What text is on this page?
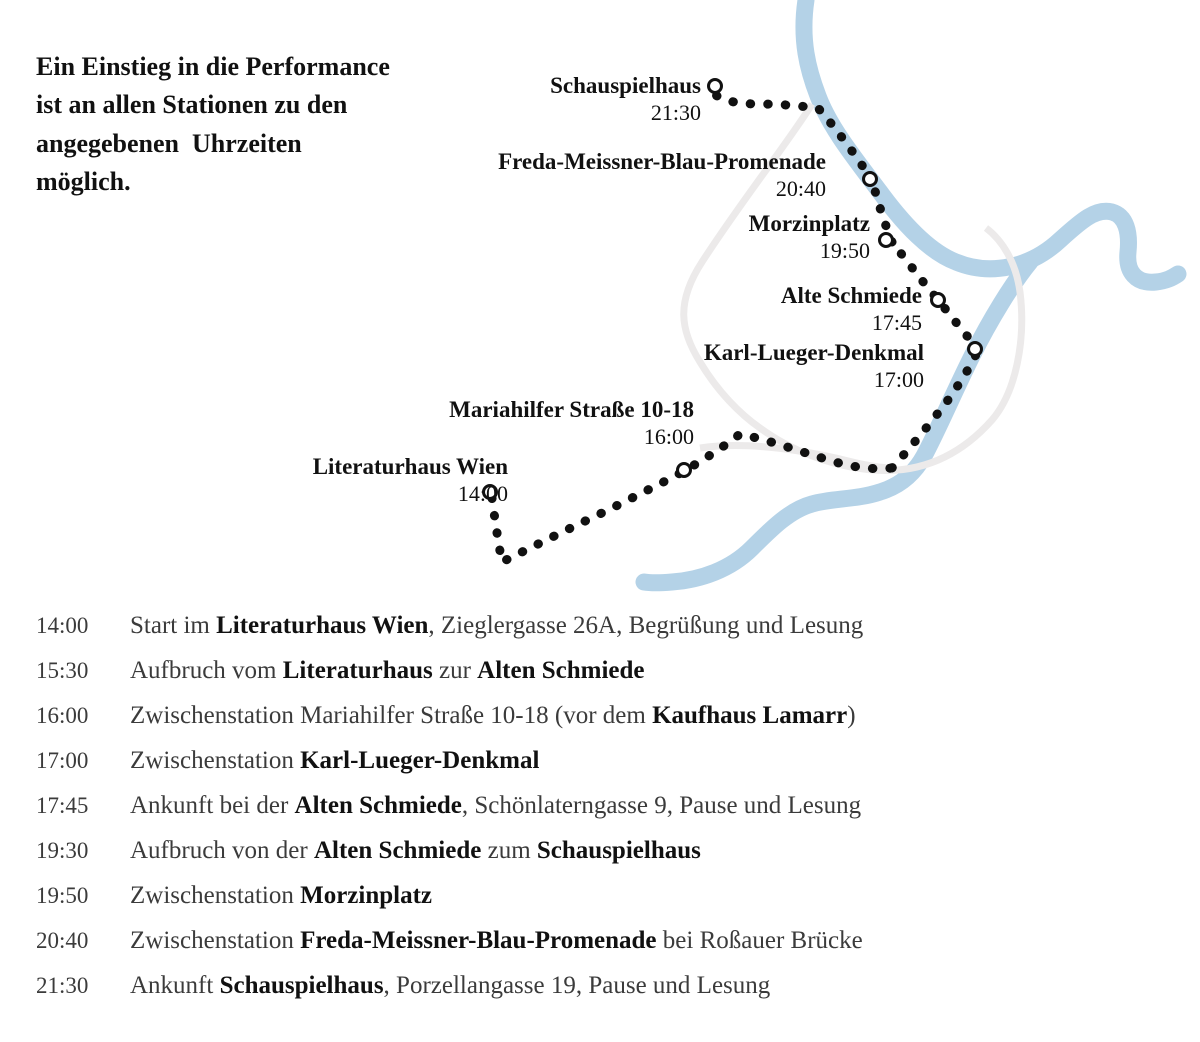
Ein Einstieg in die Performance
ist an allen Stationen zu den
angegebenen  Uhrzeiten
möglich.
Schauspielhaus
21:30
Freda-Meissner-Blau-Promenade
20:40
Morzinplatz
19:50
Alte Schmiede
17:45
Karl-Lueger-Denkmal
17:00
Mariahilfer Straße 10-18
16:00
Literaturhaus Wien
14:00
14:00	Start im Literaturhaus Wien, Zieglergasse 26A, Begrüßung und Lesung
15:30	Aufbruch vom Literaturhaus zur Alten Schmiede
16:00	Zwischenstation Mariahilfer Straße 10-18 (vor dem Kaufhaus Lamarr)
17:00	Zwischenstation Karl-Lueger-Denkmal
17:45	Ankunft bei der Alten Schmiede, Schönlaterngasse 9, Pause und Lesung
19:30	Aufbruch von der Alten Schmiede zum Schauspielhaus
19:50	Zwischenstation Morzinplatz
20:40	Zwischenstation Freda-Meissner-Blau-Promenade bei Roßauer Brücke
21:30	Ankunft Schauspielhaus, Porzellangasse 19, Pause und Lesung
